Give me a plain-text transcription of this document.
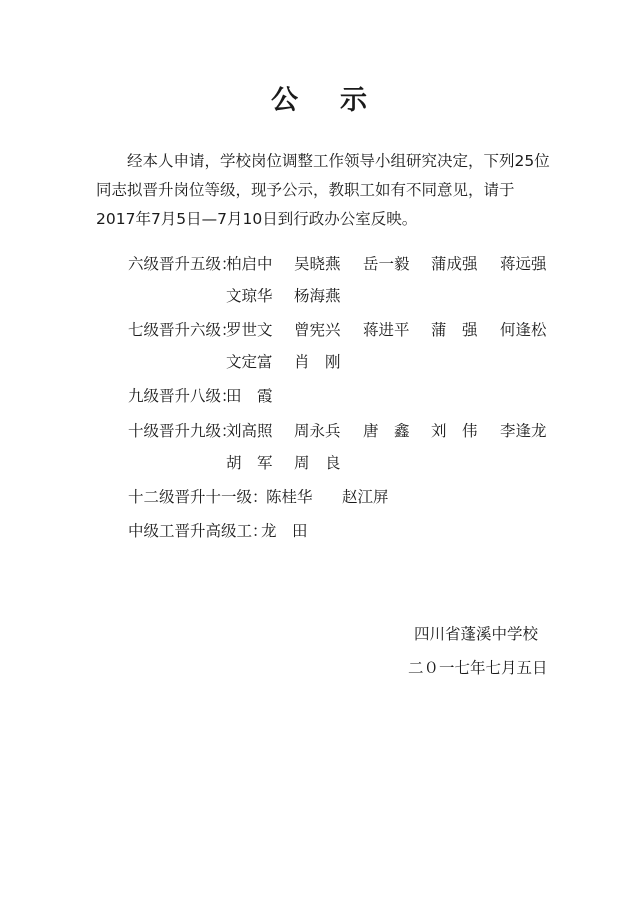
公 示
经本人申请，学校岗位调整工作领导小组研究决定，下列25位同志拟晋升岗位等级，现予公示，教职工如有不同意见，请于2017年7月5日—7月10日到行政办公室反映。
六级晋升五级：
柏启中 吴晓燕 岳一毅 蒲成强 蒋远强
文琼华 杨海燕
七级晋升六级：
罗世文 曾宪兴 蒋进平 蒲　强 何逢松
文定富 肖　刚
九级晋升八级：
田　霞
十级晋升九级：
刘高照 周永兵 唐　鑫 刘　伟 李逢龙
胡　军 周　良
十二级晋升十一级：
陈桂华 赵江屏
中级工晋升高级工：
龙　田
四川省蓬溪中学校
二０一七年七月五日
